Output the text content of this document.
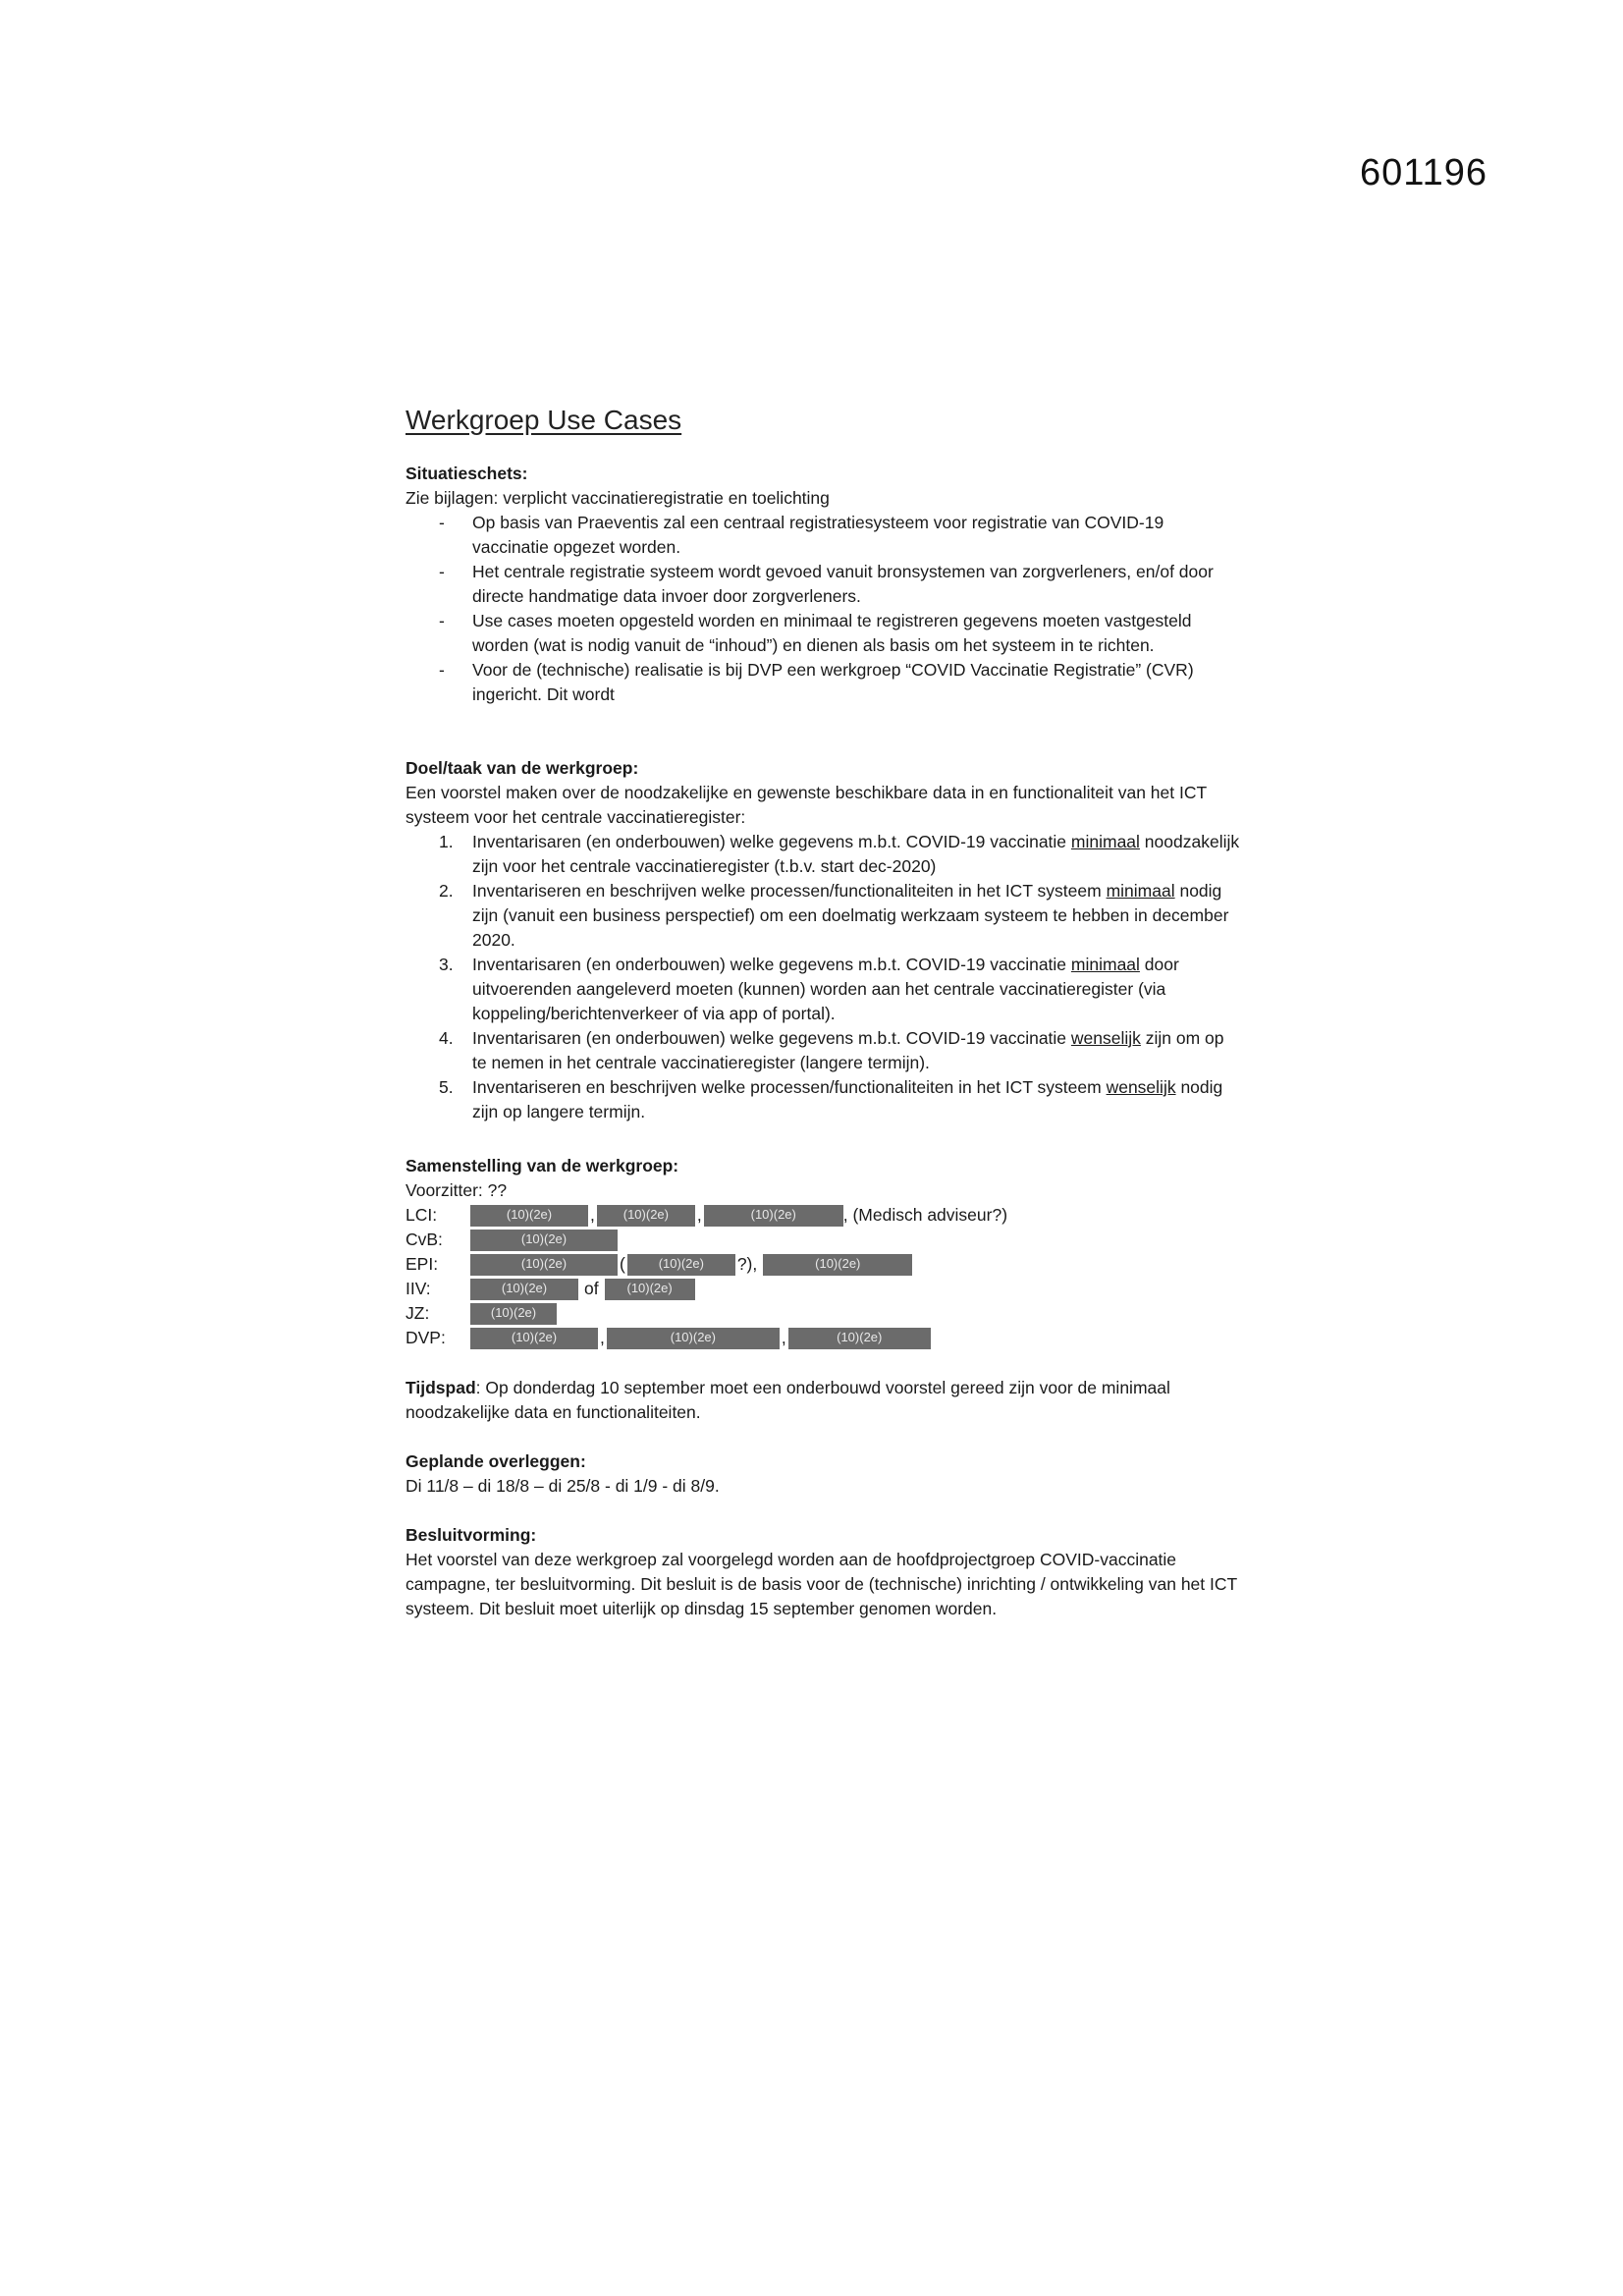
601196
Werkgroep Use Cases

Situatieschets:

Zie bijlagen: verplicht vaccinatieregistratie en toelichting

- Op basis van Praeventis zal een centraal registratiesysteem voor registratie van COVID-19 vaccinatie opgezet worden.
- Het centrale registratie systeem wordt gevoed vanuit bronsystemen van zorgverleners, en/of door directe handmatige data invoer door zorgverleners.
- Use cases moeten opgesteld worden en minimaal te registreren gegevens moeten vastgesteld worden (wat is nodig vanuit de “inhoud”) en dienen als basis om het systeem in te richten.
- Voor de (technische) realisatie is bij DVP een werkgroep “COVID Vaccinatie Registratie” (CVR) ingericht. Dit wordt

Doel/taak van de werkgroep:

Een voorstel maken over de noodzakelijke en gewenste beschikbare data in en functionaliteit van het ICT systeem voor het centrale vaccinatieregister:

1. Inventarisaren (en onderbouwen) welke gegevens m.b.t. COVID-19 vaccinatie minimaal noodzakelijk zijn voor het centrale vaccinatieregister (t.b.v. start dec-2020)
2. Inventariseren en beschrijven welke processen/functionaliteiten in het ICT systeem minimaal nodig zijn (vanuit een business perspectief) om een doelmatig werkzaam systeem te hebben in december 2020.
3. Inventarisaren (en onderbouwen) welke gegevens m.b.t. COVID-19 vaccinatie minimaal door uitvoerenden aangeleverd moeten (kunnen) worden aan het centrale vaccinatieregister (via koppeling/berichtenverkeer of via app of portal).
4. Inventarisaren (en onderbouwen) welke gegevens m.b.t. COVID-19 vaccinatie wenselijk zijn om op te nemen in het centrale vaccinatieregister (langere termijn).
5. Inventariseren en beschrijven welke processen/functionaliteiten in het ICT systeem wenselijk nodig zijn op langere termijn.

Samenstelling van de werkgroep:

Voorzitter: ??

LCI:	(10)(2e) , (10)(2e) , (10)(2e) , (Medisch adviseur?)
CvB:	(10)(2e)
EPI:	(10)(2e) ( (10)(2e) ?), (10)(2e)
IIV:	(10)(2e) of (10)(2e)
JZ:	(10)(2e)
DVP:	(10)(2e) , (10)(2e) , (10)(2e)

Tijdspad: Op donderdag 10 september moet een onderbouwd voorstel gereed zijn voor de minimaal noodzakelijke data en functionaliteiten.

Geplande overleggen:

Di 11/8 – di 18/8 – di 25/8 - di 1/9 - di 8/9.

Besluitvorming:

Het voorstel van deze werkgroep zal voorgelegd worden aan de hoofdprojectgroep COVID-vaccinatie campagne, ter besluitvorming. Dit besluit is de basis voor de (technische) inrichting / ontwikkeling van het ICT systeem. Dit besluit moet uiterlijk op dinsdag 15 september genomen worden.
